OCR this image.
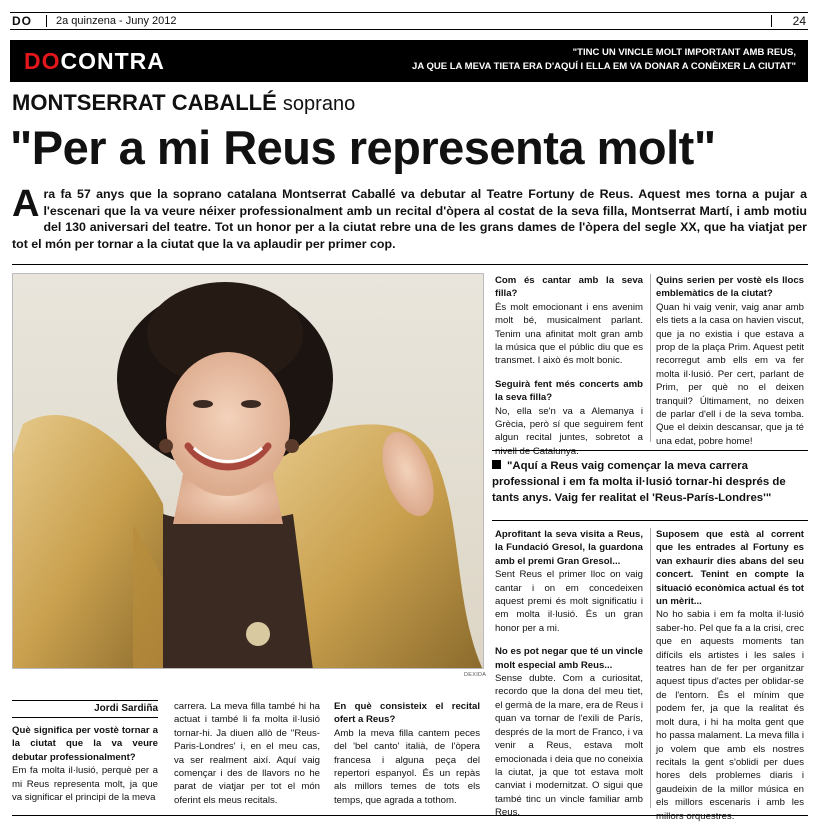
DO 2a quinzena - Juny 2012	24
DOCONTRA	"TINC UN VINCLE MOLT IMPORTANT AMB REUS,
JA QUE LA MEVA TIETA ERA D'AQUÍ I ELLA EM VA DONAR A CONÈIXER LA CIUTAT"
MONTSERRAT CABALLÉ soprano
"Per a mi Reus representa molt"
Ara fa 57 anys que la soprano catalana Montserrat Caballé va debutar al Teatre Fortuny de Reus. Aquest mes torna a pujar a l'escenari que la va veure néixer professionalment amb un recital d'òpera al costat de la seva filla, Montserrat Martí, i amb motiu del 130 aniversari del teatre. Tot un honor per a la ciutat rebre una de les grans dames de l'òpera del segle XX, que ha viatjat per tot el món per tornar a la ciutat que la va aplaudir per primer cop.
DEXIDA
Jordi Sardiña
Què significa per vostè tornar a la ciutat que la va veure debutar professionalment?
Em fa molta il·lusió, perquè per a mi Reus representa molt, ja que va significar el principi de la meva
carrera. La meva filla també hi ha actuat i també li fa molta il·lusió tornar-hi. Ja diuen allò de ''Reus-Paris-Londres' i, en el meu cas, va ser realment així. Aquí vaig començar i des de llavors no he parat de viatjar per tot el món oferint els meus recitals.
En què consisteix el recital ofert a Reus?
Amb la meva filla cantem peces del 'bel canto' italià, de l'òpera francesa i alguna peça del repertori espanyol. És un repàs als millors temes de tots els temps, que agrada a tothom.
Com és cantar amb la seva filla?
És molt emocionant i ens avenim molt bé, musicalment parlant. Tenim una afinitat molt gran amb la música que el públic diu que es transmet. I això és molt bonic.
Seguirà fent més concerts amb la seva filla?
No, ella se'n va a Alemanya i Grècia, però sí que seguirem fent algun recital juntes, sobretot a nivell de Catalunya.
Quins serien per vostè els llocs emblemàtics de la ciutat?
Quan hi vaig venir, vaig anar amb els tiets a la casa on havien viscut, que ja no existia i que estava a prop de la plaça Prim. Aquest petit recorregut amb ells em va fer molta il·lusió. Per cert, parlant de Prim, per què no el deixen tranquil? Últimament, no deixen de parlar d'ell i de la seva tomba. Que el deixin descansar, que ja té una edat, pobre home!
"Aquí a Reus vaig començar la meva carrera professional i em fa molta il·lusió tornar-hi després de tants anys. Vaig fer realitat el 'Reus-París-Londres'"
Aprofitant la seva visita a Reus, la Fundació Gresol, la guardona amb el premi Gran Gresol...
Sent Reus el primer lloc on vaig cantar i on em concedeixen aquest premi és molt significatiu i em molta il·lusió. És un gran honor per a mi.
No es pot negar que té un vincle molt especial amb Reus...
Sense dubte. Com a curiositat, recordo que la dona del meu tiet, el germà de la mare, era de Reus i quan va tornar de l'exili de París, després de la mort de Franco, i va venir a Reus, estava molt emocionada i deia que no coneixia la ciutat, ja que tot estava molt canviat i modernitzat. O sigui que també tinc un vincle familiar amb Reus.
Suposem que està al corrent que les entrades al Fortuny es van exhaurir dies abans del seu concert. Tenint en compte la situació econòmica actual és tot un mèrit...
No ho sabia i em fa molta il·lusió saber-ho. Pel que fa a la crisi, crec que en aquests moments tan difícils els artistes i les sales i teatres han de fer per organitzar aquest tipus d'actes per oblidar-se de l'entorn. És el mínim que podem fer, ja que la realitat és molt dura, i hi ha molta gent que ho passa malament. La meva filla i jo volem que amb els nostres recitals la gent s'oblidi per dues hores dels problemes diaris i gaudeixin de la millor música en els millors escenaris i amb les millors orquestres.
